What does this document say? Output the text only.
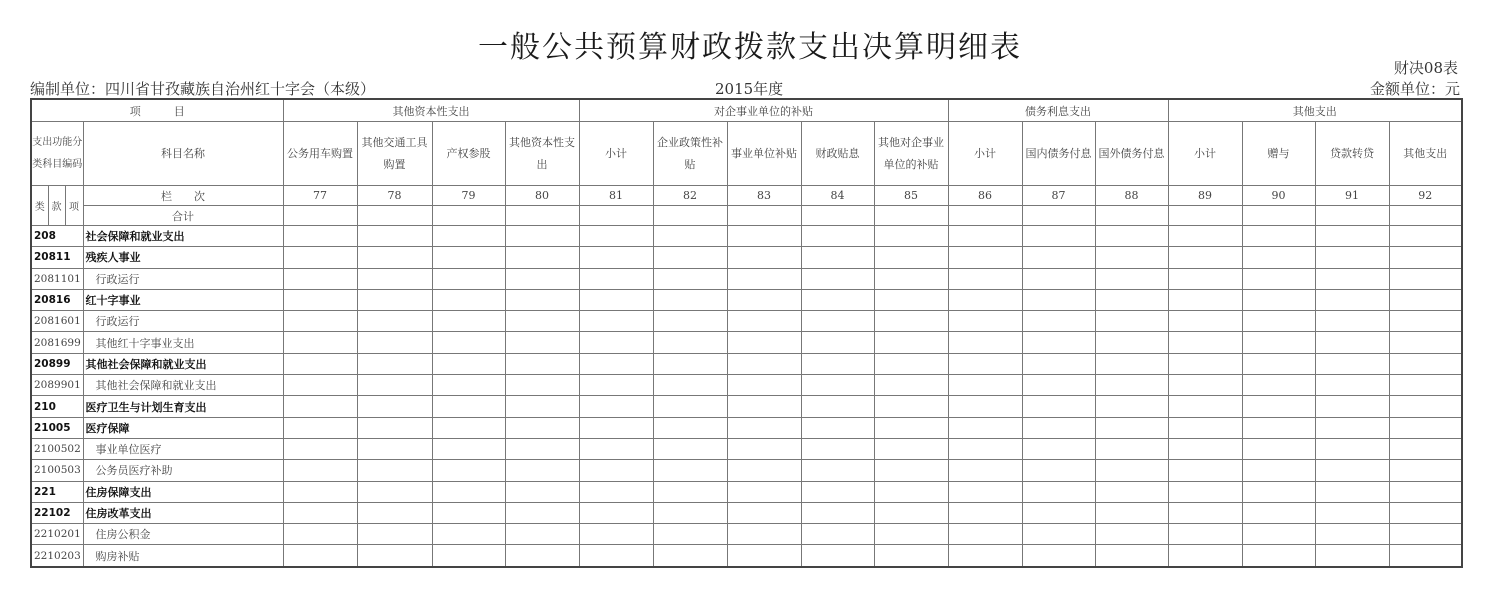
一般公共预算财政拨款支出决算明细表
财决08表
编制单位：四川省甘孜藏族自治州红十字会（本级）	2015年度	金额单位：元
项　　　目				其他资本性支出				对企事业单位的补贴					债务利息支出			其他支出			
支出功能分类科目编码			科目名称	公务用车购置	其他交通工具购置	产权参股	其他资本性支出	小计	企业政策性补贴	事业单位补贴	财政贴息	其他对企事业单位的补贴	小计	国内债务付息	国外债务付息	小计	赠与	贷款转贷	其他支出
类	款	项	栏　　次	77	78	79	80	81	82	83	84	85	86	87	88	89	90	91	92
			合计																
208			社会保障和就业支出																
20811			残疾人事业																
2081101			行政运行																
20816			红十字事业																
2081601			行政运行																
2081699			其他红十字事业支出																
20899			其他社会保障和就业支出																
2089901			其他社会保障和就业支出																
210			医疗卫生与计划生育支出																
21005			医疗保障																
2100502			事业单位医疗																
2100503			公务员医疗补助																
221			住房保障支出																
22102			住房改革支出																
2210201			住房公积金																
2210203			购房补贴																
